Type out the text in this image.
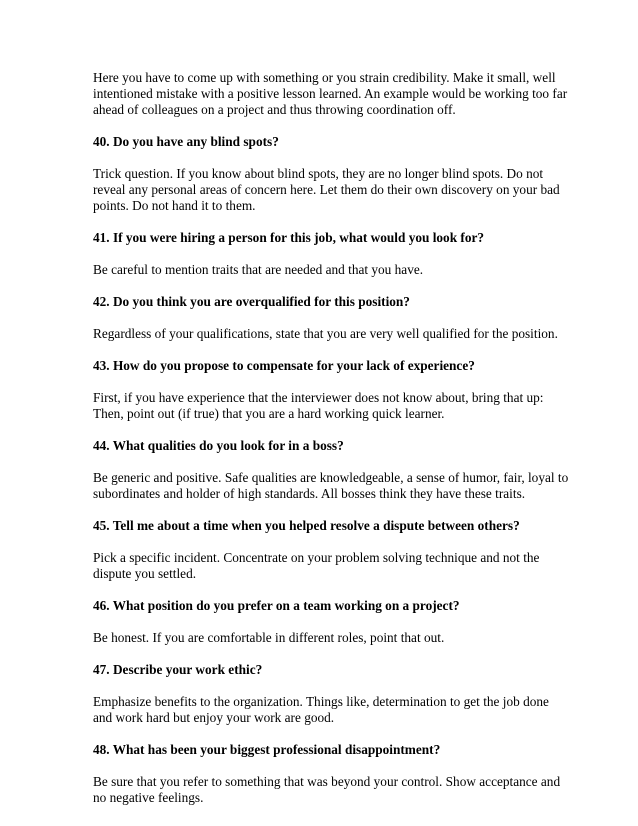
Here you have to come up with something or you strain credibility. Make it small, well
intentioned mistake with a positive lesson learned. An example would be working too far
ahead of colleagues on a project and thus throwing coordination off.

40. Do you have any blind spots?

Trick question. If you know about blind spots, they are no longer blind spots. Do not
reveal any personal areas of concern here. Let them do their own discovery on your bad
points. Do not hand it to them.

41. If you were hiring a person for this job, what would you look for?

Be careful to mention traits that are needed and that you have.

42. Do you think you are overqualified for this position?

Regardless of your qualifications, state that you are very well qualified for the position.

43. How do you propose to compensate for your lack of experience?

First, if you have experience that the interviewer does not know about, bring that up:
Then, point out (if true) that you are a hard working quick learner.

44. What qualities do you look for in a boss?

Be generic and positive. Safe qualities are knowledgeable, a sense of humor, fair, loyal to
subordinates and holder of high standards. All bosses think they have these traits.

45. Tell me about a time when you helped resolve a dispute between others?

Pick a specific incident. Concentrate on your problem solving technique and not the
dispute you settled.

46. What position do you prefer on a team working on a project?

Be honest. If you are comfortable in different roles, point that out.

47. Describe your work ethic?

Emphasize benefits to the organization. Things like, determination to get the job done
and work hard but enjoy your work are good.

48. What has been your biggest professional disappointment?

Be sure that you refer to something that was beyond your control. Show acceptance and
no negative feelings.
